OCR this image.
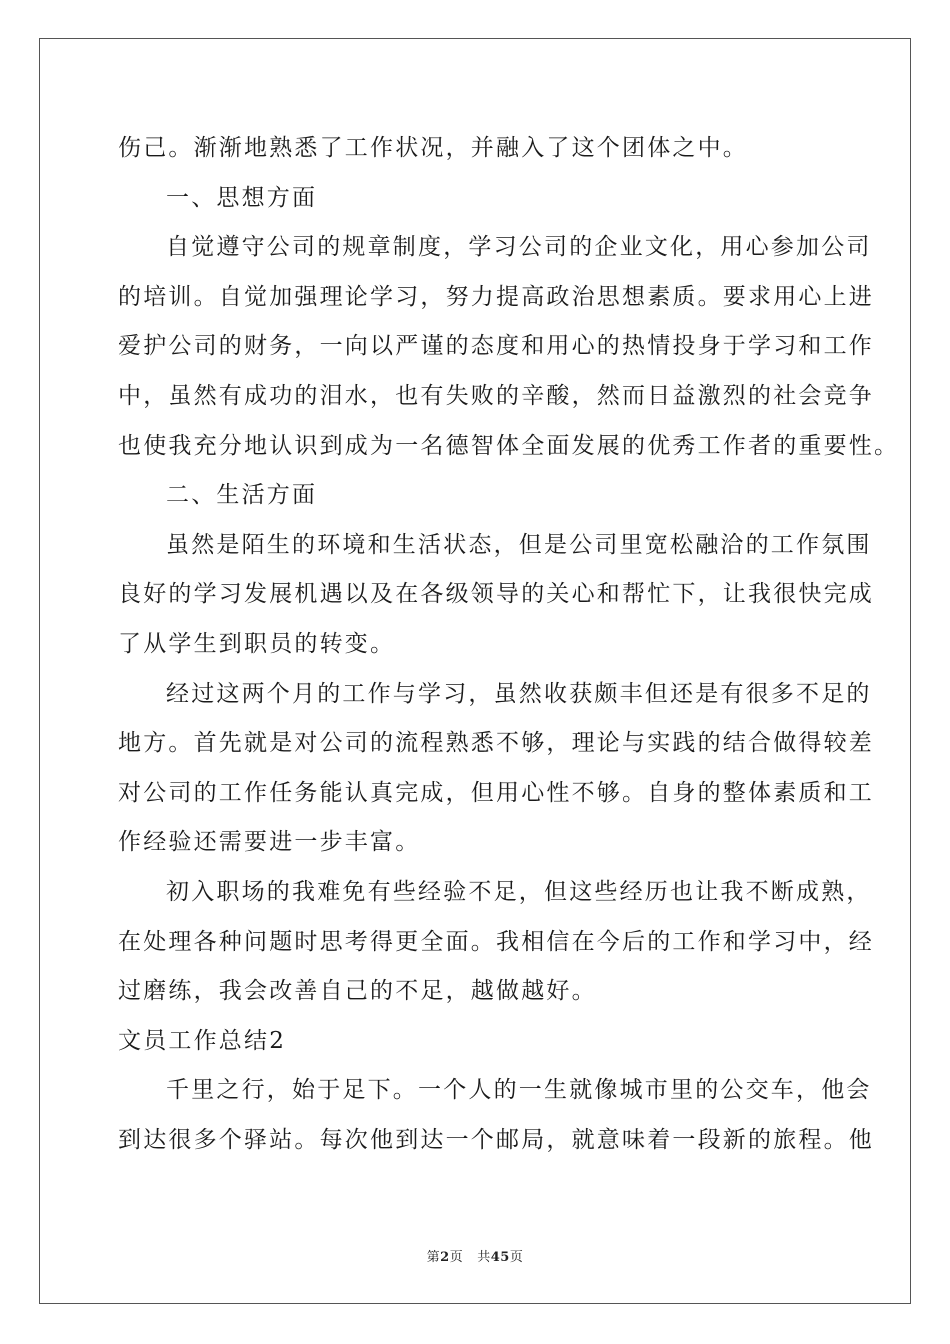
伤己。渐渐地熟悉了工作状况，并融入了这个团体之中。
一、思想方面
自觉遵守公司的规章制度，学习公司的企业文化，用心参加公司
的培训。自觉加强理论学习，努力提高政治思想素质。要求用心上进
爱护公司的财务，一向以严谨的态度和用心的热情投身于学习和工作
中，虽然有成功的泪水，也有失败的辛酸，然而日益激烈的社会竞争
也使我充分地认识到成为一名德智体全面发展的优秀工作者的重要性。
二、生活方面
虽然是陌生的环境和生活状态，但是公司里宽松融洽的工作氛围
良好的学习发展机遇以及在各级领导的关心和帮忙下，让我很快完成
了从学生到职员的转变。
经过这两个月的工作与学习，虽然收获颇丰但还是有很多不足的
地方。首先就是对公司的流程熟悉不够，理论与实践的结合做得较差
对公司的工作任务能认真完成，但用心性不够。自身的整体素质和工
作经验还需要进一步丰富。
初入职场的我难免有些经验不足，但这些经历也让我不断成熟，
在处理各种问题时思考得更全面。我相信在今后的工作和学习中，经
过磨练，我会改善自己的不足，越做越好。
文员工作总结2
千里之行，始于足下。一个人的一生就像城市里的公交车，他会
到达很多个驿站。每次他到达一个邮局，就意味着一段新的旅程。他
第2页 共45页
